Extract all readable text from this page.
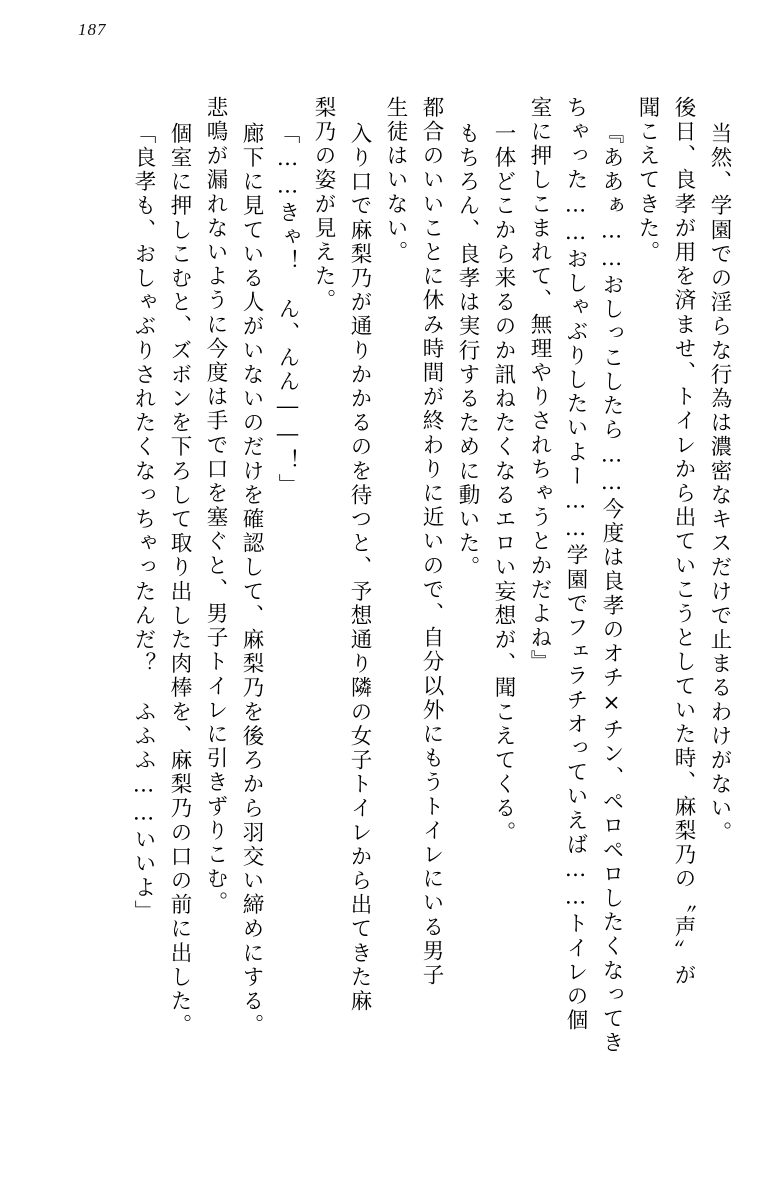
187
当然、学園での淫らな行為は濃密なキスだけで止まるわけがない。
後日、良孝が用を済ませ、トイレから出ていこうとしていた時、麻梨乃の〝声〟が
聞こえてきた。
『ああぁ……おしっこしたら……今度は良孝のオチ×チン、ペロペロしたくなってき
ちゃった……おしゃぶりしたいよー……学園でフェラチオっていえば……トイレの個
室に押しこまれて、無理やりされちゃうとかだよね』
一体どこから来るのか訊ねたくなるエロい妄想が、聞こえてくる。
もちろん、良孝は実行するために動いた。
都合のいいことに休み時間が終わりに近いので、自分以外にもうトイレにいる男子
生徒はいない。
入り口で麻梨乃が通りかかるのを待つと、予想通り隣の女子トイレから出てきた麻
梨乃の姿が見えた。
「……きゃ！　ん、んん――！」
廊下に見ている人がいないのだけを確認して、麻梨乃を後ろから羽交い締めにする。
悲鳴が漏れないように今度は手で口を塞ぐと、男子トイレに引きずりこむ。
個室に押しこむと、ズボンを下ろして取り出した肉棒を、麻梨乃の口の前に出した。
「良孝も、おしゃぶりされたくなっちゃったんだ？　ふふふ……いいよ」
